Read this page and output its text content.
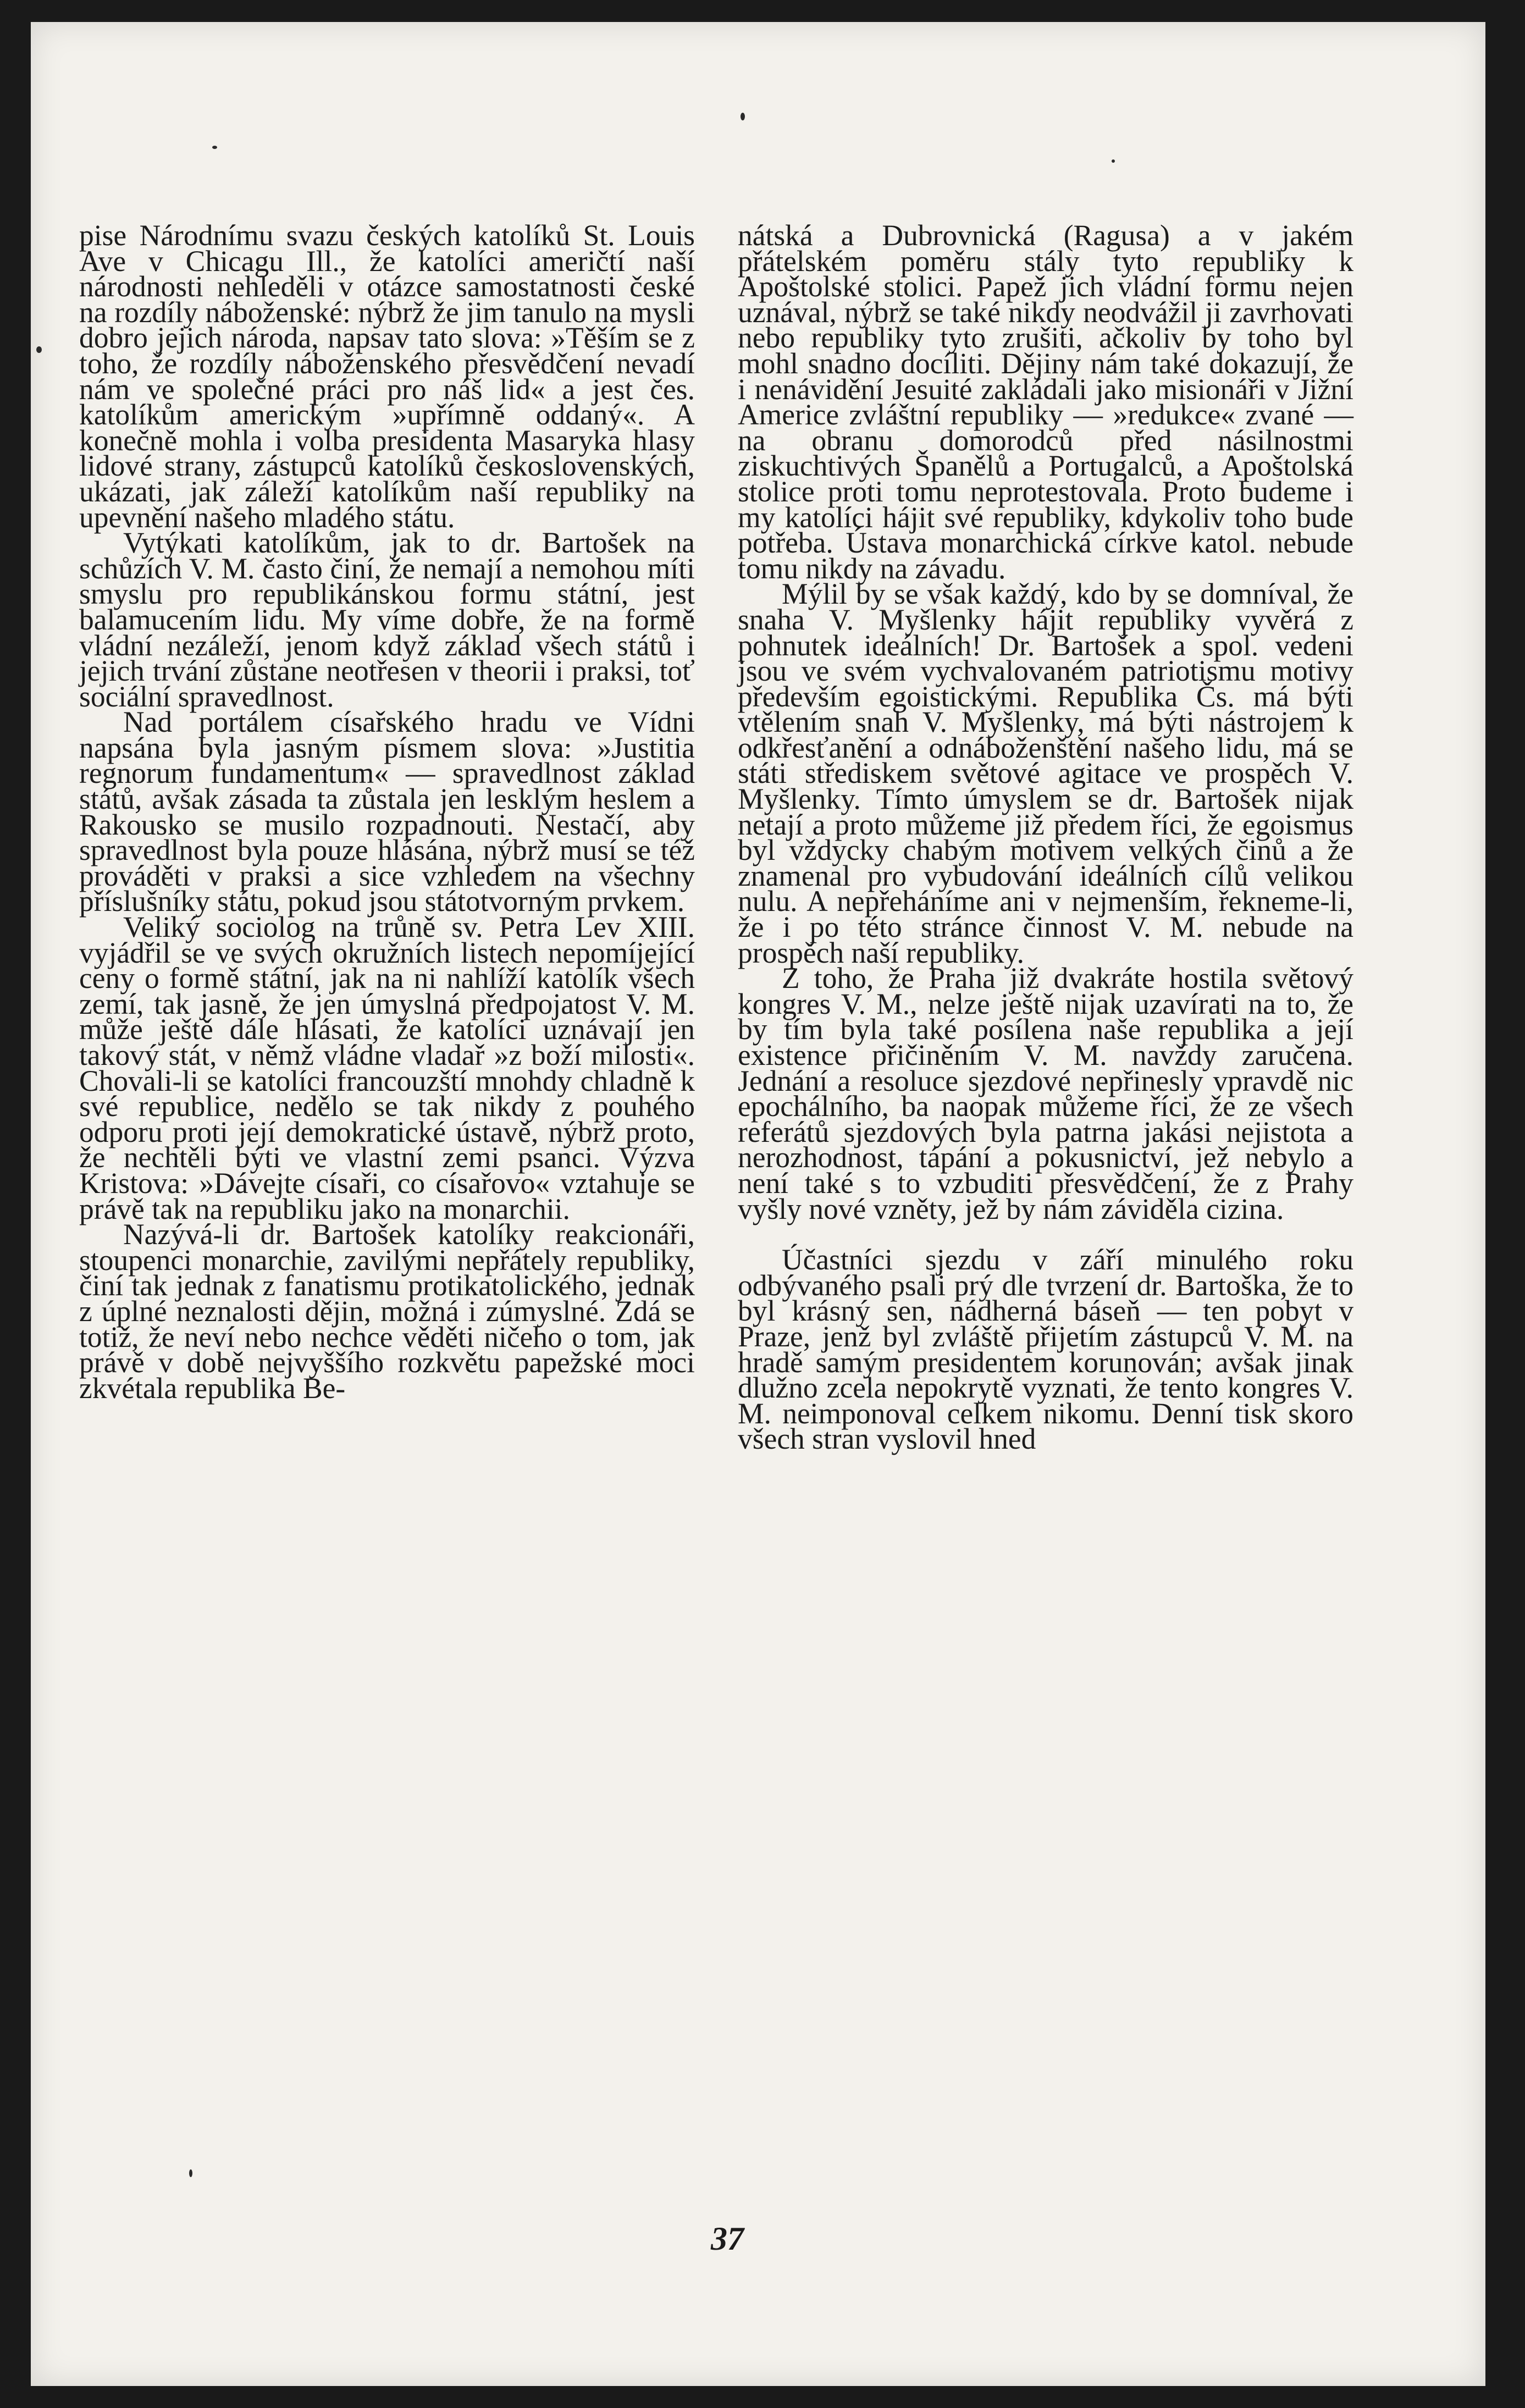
pise Národnímu svazu českých katolíků St. Louis Ave v Chicagu Ill., že katolíci američtí naší národnosti nehleděli v otázce samostatnosti české na rozdíly náboženské: nýbrž že jim tanulo na mysli dobro jejich národa, napsav tato slova: »Těším se z toho, že rozdíly náboženského přesvědčení nevadí nám ve společné práci pro náš lid« a jest čes. katolíkům americkým »upřímně oddaný«. A konečně mohla i volba presidenta Masaryka hlasy lidové strany, zástupců katolíků československých, ukázati, jak záleží katolíkům naší republiky na upevnění našeho mladého státu.

Vytýkati katolíkům, jak to dr. Bartošek na schůzích V. M. často činí, že nemají a nemohou míti smyslu pro republikánskou formu státní, jest balamucením lidu. My víme dobře, že na formě vládní nezáleží, jenom když základ všech států i jejich trvání zůstane neotřesen v theorii i praksi, toť sociální spravedlnost.

Nad portálem císařského hradu ve Vídni napsána byla jasným písmem slova: »Justitia regnorum fundamentum« — spravedlnost základ států, avšak zásada ta zůstala jen lesklým heslem a Rakousko se musilo rozpadnouti. Nestačí, aby spravedlnost byla pouze hlásána, nýbrž musí se též prováděti v praksi a sice vzhledem na všechny příslušníky státu, pokud jsou státotvorným prvkem.

Veliký sociolog na trůně sv. Petra Lev XIII. vyjádřil se ve svých okružních listech nepomíjející ceny o formě státní, jak na ni nahlíží katolík všech zemí, tak jasně, že jen úmyslná předpojatost V. M. může ještě dále hlásati, že katolíci uznávají jen takový stát, v němž vládne vladař »z boží milosti«. Chovali-li se katolíci francouzští mnohdy chladně k své republice, nedělo se tak nikdy z pouhého odporu proti její demokratické ústavě, nýbrž proto, že nechtěli býti ve vlastní zemi psanci. Výzva Kristova: »Dávejte císaři, co císařovo« vztahuje se právě tak na republiku jako na monarchii.

Nazývá-li dr. Bartošek katolíky reakcionáři, stoupenci monarchie, zavilými nepřátely republiky, činí tak jednak z fanatismu protikatolického, jednak z úplné neznalosti dějin, možná i zúmyslné. Zdá se totiž, že neví nebo nechce věděti ničeho o tom, jak právě v době nejvyššího rozkvětu papežské moci zkvétala republika Be-

nátská a Dubrovnická (Ragusa) a v jakém přátelském poměru stály tyto republiky k Apoštolské stolici. Papež jich vládní formu nejen uznával, nýbrž se také nikdy neodvážil ji zavrhovati nebo republiky tyto zrušiti, ačkoliv by toho byl mohl snadno docíliti. Dějiny nám také dokazují, že i nenávidění Jesuité zakládali jako misionáři v Jižní Americe zvláštní republiky — »redukce« zvané — na obranu domorodců před násilnostmi ziskuchtivých Španělů a Portugalců, a Apoštolská stolice proti tomu neprotestovala. Proto budeme i my katolíci hájit své republiky, kdykoliv toho bude potřeba. Ústava monarchická církve katol. nebude tomu nikdy na závadu.

Mýlil by se však každý, kdo by se domníval, že snaha V. Myšlenky hájit republiky vyvěrá z pohnutek ideálních! Dr. Bartošek a spol. vedeni jsou ve svém vychvalovaném patriotismu motivy především egoistickými. Republika Čs. má býti vtělením snah V. Myšlenky, má býti nástrojem k odkřesťanění a odnáboženštění našeho lidu, má se státi střediskem světové agitace ve prospěch V. Myšlenky. Tímto úmyslem se dr. Bartošek nijak netají a proto můžeme již předem říci, že egoismus byl vždycky chabým motivem velkých činů a že znamenal pro vybudování ideálních cílů velikou nulu. A nepřeháníme ani v nejmenším, řekneme-li, že i po této stránce činnost V. M. nebude na prospěch naší republiky.

Z toho, že Praha již dvakráte hostila světový kongres V. M., nelze ještě nijak uzavírati na to, že by tím byla také posílena naše republika a její existence přičiněním V. M. navždy zaručena. Jednání a resoluce sjezdové nepřinesly vpravdě nic epochálního, ba naopak můžeme říci, že ze všech referátů sjezdových byla patrna jakási nejistota a nerozhodnost, tápání a pokusnictví, jež nebylo a není také s to vzbuditi přesvědčení, že z Prahy vyšly nové vzněty, jež by nám záviděla cizina.

Účastníci sjezdu v září minulého roku odbývaného psali prý dle tvrzení dr. Bartoška, že to byl krásný sen, nádherná báseň — ten pobyt v Praze, jenž byl zvláště přijetím zástupců V. M. na hradě samým presidentem korunován; avšak jinak dlužno zcela nepokrytě vyznati, že tento kongres V. M. neimponoval celkem nikomu. Denní tisk skoro všech stran vyslovil hned

37
